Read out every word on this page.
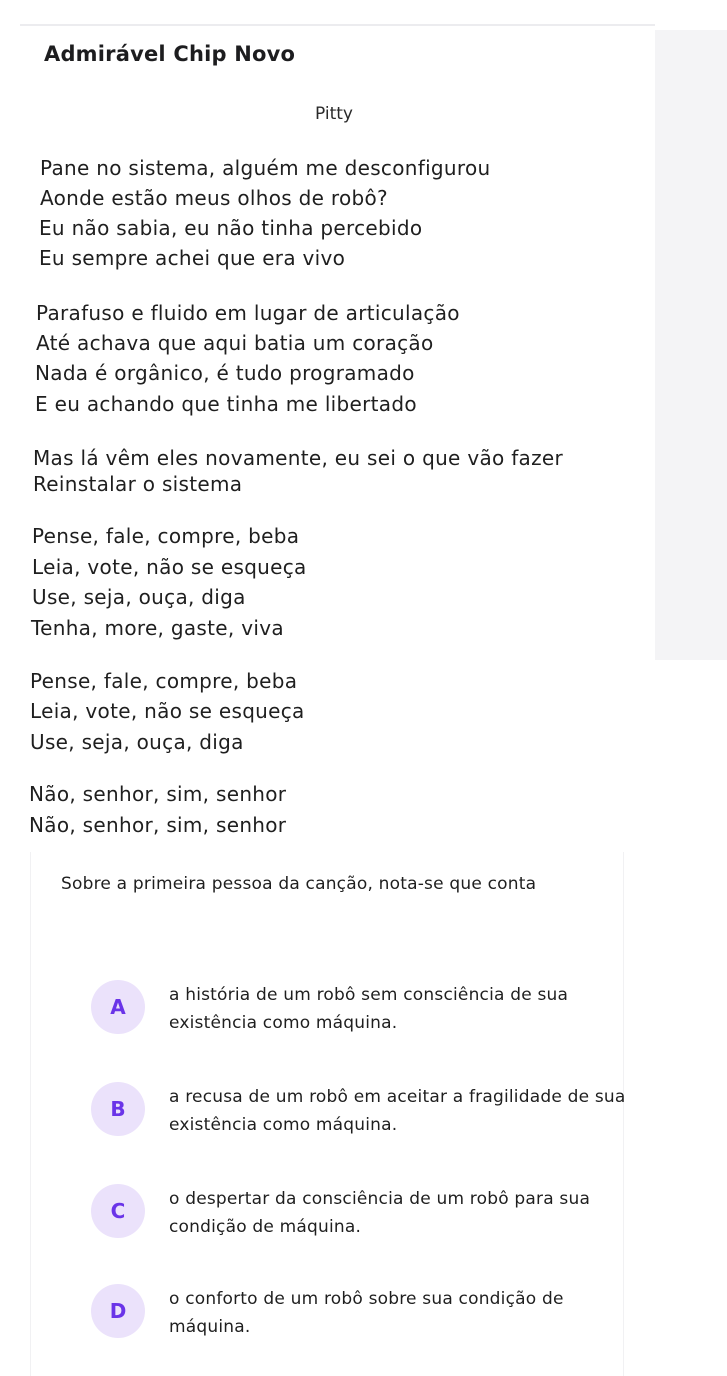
Admirável Chip Novo
Pitty
Pane no sistema, alguém me desconfigurou
Aonde estão meus olhos de robô?
Eu não sabia, eu não tinha percebido
Eu sempre achei que era vivo
Parafuso e fluido em lugar de articulação
Até achava que aqui batia um coração
Nada é orgânico, é tudo programado
E eu achando que tinha me libertado
Mas lá vêm eles novamente, eu sei o que vão fazer
Reinstalar o sistema
Pense, fale, compre, beba
Leia, vote, não se esqueça
Use, seja, ouça, diga
Tenha, more, gaste, viva
Pense, fale, compre, beba
Leia, vote, não se esqueça
Use, seja, ouça, diga
Não, senhor, sim, senhor
Não, senhor, sim, senhor
Sobre a primeira pessoa da canção, nota-se que conta
A	a história de um robô sem consciência de sua existência como máquina.
B	a recusa de um robô em aceitar a fragilidade de sua existência como máquina.
C	o despertar da consciência de um robô para sua condição de máquina.
D	o conforto de um robô sobre sua condição de máquina.
